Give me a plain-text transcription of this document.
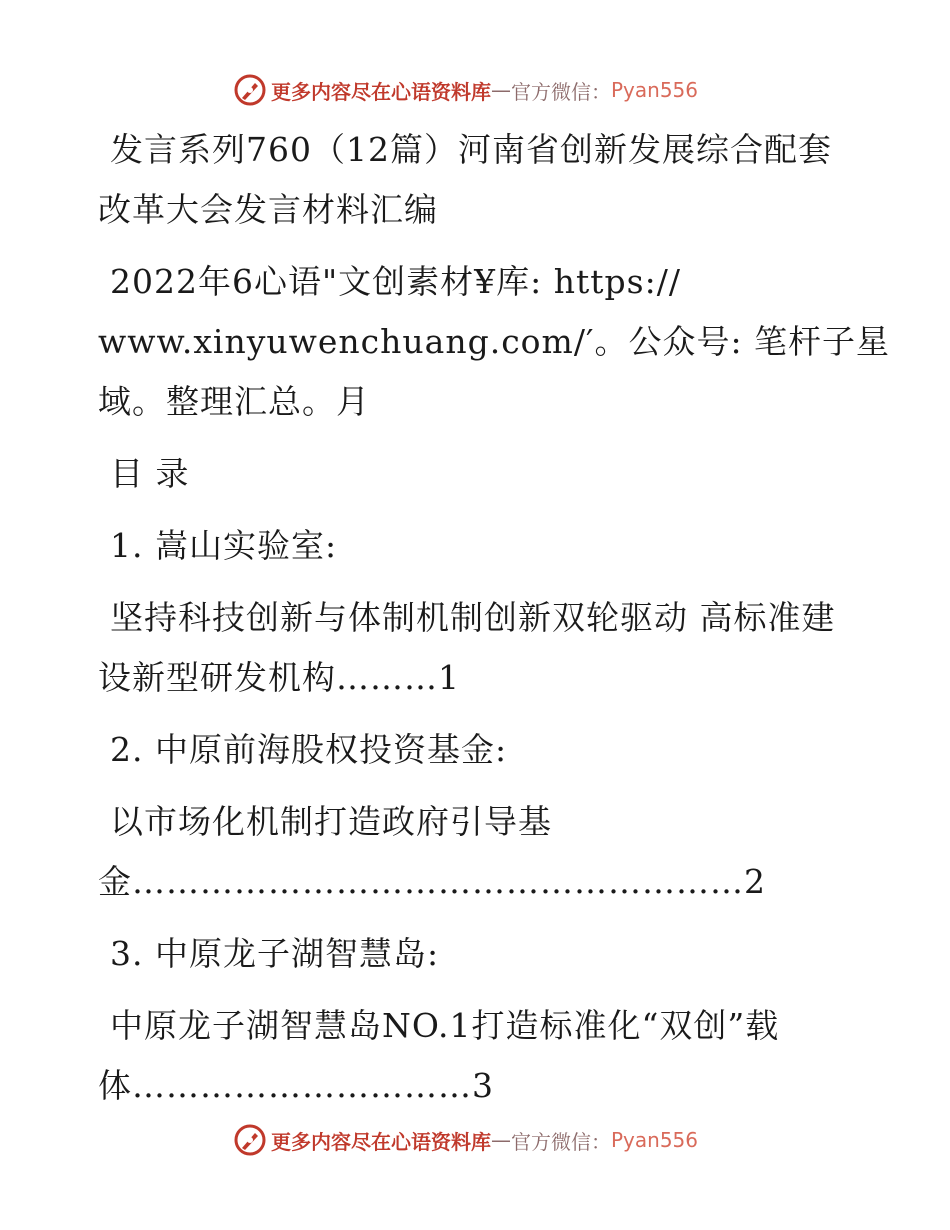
更多内容尽在心语资料库 — 官方微信： Pyan556

发言系列760（12篇）河南省创新发展综合配套
改革大会发言材料汇编

2022年6心语"文创素材¥库: https://
www.xinyuwenchuang.com/′。公众号: 笔杆子星
域。整理汇总。月

目 录

1. 嵩山实验室:

坚持科技创新与体制机制创新双轮驱动 高标准建
设新型研发机构………1

2. 中原前海股权投资基金:

以市场化机制打造政府引导基
金………………………………………………2

3. 中原龙子湖智慧岛:

中原龙子湖智慧岛NO.1打造标准化“双创”载
体…………………………3

更多内容尽在心语资料库 — 官方微信： Pyan556
